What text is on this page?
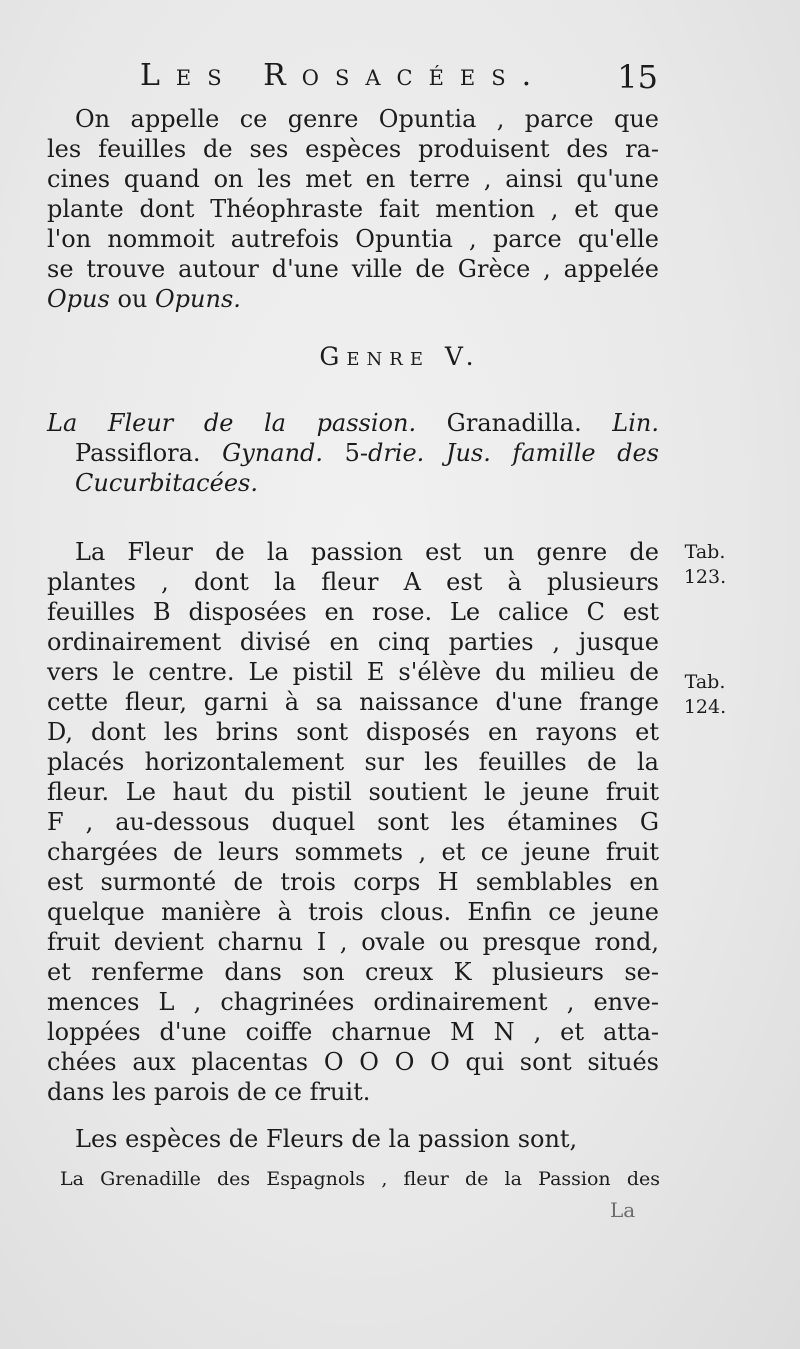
Les Rosacées. 15
On appelle ce genre Opuntia , parce que
les feuilles de ses espèces produisent des ra-
cines quand on les met en terre , ainsi qu'une
plante dont Théophraste fait mention , et que
l'on nommoit autrefois Opuntia , parce qu'elle
se trouve autour d'une ville de Grèce , appelée
Opus ou Opuns.
Genre V.
La Fleur de la passion. Granadilla. Lin.
Passiflora. Gynand. 5-drie. Jus. famille des
Cucurbitacées.
La Fleur de la passion est un genre de
plantes , dont la fleur A est à plusieurs
feuilles B disposées en rose. Le calice C est
ordinairement divisé en cinq parties , jusque
vers le centre. Le pistil E s'élève du milieu de
cette fleur, garni à sa naissance d'une frange
D, dont les brins sont disposés en rayons et
placés horizontalement sur les feuilles de la
fleur. Le haut du pistil soutient le jeune fruit
F , au-dessous duquel sont les étamines G
chargées de leurs sommets , et ce jeune fruit
est surmonté de trois corps H semblables en
quelque manière à trois clous. Enfin ce jeune
fruit devient charnu I , ovale ou presque rond,
et renferme dans son creux K plusieurs se-
mences L , chagrinées ordinairement , enve-
loppées d'une coiffe charnue M N , et atta-
chées aux placentas O O O O qui sont situés
dans les parois de ce fruit.
Les espèces de Fleurs de la passion sont,
La Grenadille des Espagnols , fleur de la Passion des
La
Tab.
123.
Tab.
124.
